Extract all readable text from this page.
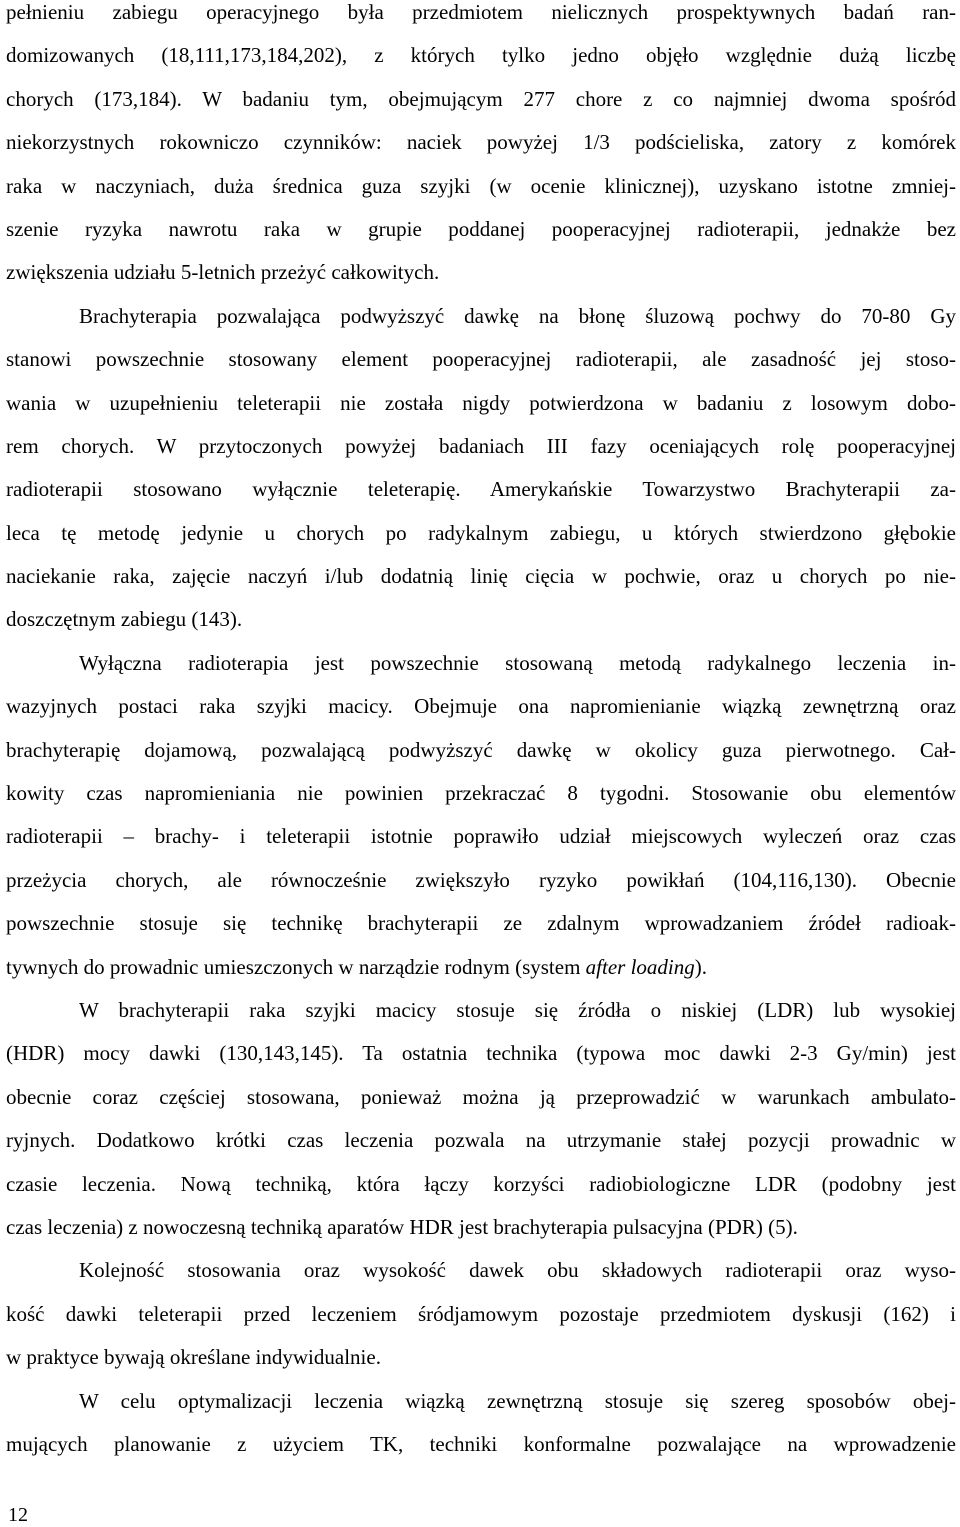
pełnieniu zabiegu operacyjnego była przedmiotem nielicznych prospektywnych badań ran-
domizowanych (18,111,173,184,202), z których tylko jedno objęło względnie dużą liczbę
chorych (173,184). W badaniu tym, obejmującym 277 chore z co najmniej dwoma spośród
niekorzystnych rokowniczo czynników: naciek powyżej 1/3 podścieliska, zatory z komórek
raka w naczyniach, duża średnica guza szyjki (w ocenie klinicznej), uzyskano istotne zmniej-
szenie ryzyka nawrotu raka w grupie poddanej pooperacyjnej radioterapii, jednakże bez
zwiększenia udziału 5-letnich przeżyć całkowitych.
Brachyterapia pozwalająca podwyższyć dawkę na błonę śluzową pochwy do 70-80 Gy
stanowi powszechnie stosowany element pooperacyjnej radioterapii, ale zasadność jej stoso-
wania w uzupełnieniu teleterapii nie została nigdy potwierdzona w badaniu z losowym dobo-
rem chorych. W przytoczonych powyżej badaniach III fazy oceniających rolę pooperacyjnej
radioterapii stosowano wyłącznie teleterapię. Amerykańskie Towarzystwo Brachyterapii za-
leca tę metodę jedynie u chorych po radykalnym zabiegu, u których stwierdzono głębokie
naciekanie raka, zajęcie naczyń i/lub dodatnią linię cięcia w pochwie, oraz u chorych po nie-
doszczętnym zabiegu (143).
Wyłączna radioterapia jest powszechnie stosowaną metodą radykalnego leczenia in-
wazyjnych postaci raka szyjki macicy. Obejmuje ona napromienianie wiązką zewnętrzną oraz
brachyterapię dojamową, pozwalającą podwyższyć dawkę w okolicy guza pierwotnego. Cał-
kowity czas napromieniania nie powinien przekraczać 8 tygodni. Stosowanie obu elementów
radioterapii – brachy- i teleterapii istotnie poprawiło udział miejscowych wyleczeń oraz czas
przeżycia chorych, ale równocześnie zwiększyło ryzyko powikłań (104,116,130). Obecnie
powszechnie stosuje się technikę brachyterapii ze zdalnym wprowadzaniem źródeł radioak-
tywnych do prowadnic umieszczonych w narządzie rodnym (system after loading).
W brachyterapii raka szyjki macicy stosuje się źródła o niskiej (LDR) lub wysokiej
(HDR) mocy dawki (130,143,145). Ta ostatnia technika (typowa moc dawki 2-3 Gy/min) jest
obecnie coraz częściej stosowana, ponieważ można ją przeprowadzić w warunkach ambulato-
ryjnych. Dodatkowo krótki czas leczenia pozwala na utrzymanie stałej pozycji prowadnic w
czasie leczenia. Nową techniką, która łączy korzyści radiobiologiczne LDR (podobny jest
czas leczenia) z nowoczesną techniką aparatów HDR jest brachyterapia pulsacyjna (PDR) (5).
Kolejność stosowania oraz wysokość dawek obu składowych radioterapii oraz wyso-
kość dawki teleterapii przed leczeniem śródjamowym pozostaje przedmiotem dyskusji (162) i
w praktyce bywają określane indywidualnie.
W celu optymalizacji leczenia wiązką zewnętrzną stosuje się szereg sposobów obej-
mujących planowanie z użyciem TK, techniki konformalne pozwalające na wprowadzenie
12
